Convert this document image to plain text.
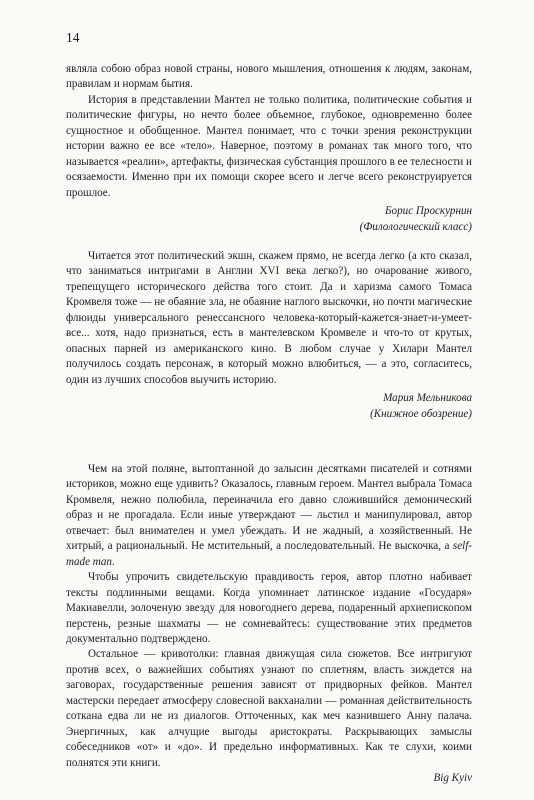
14

являла собою образ новой страны, нового мышления, отношения к людям, законам, правилам и нормам бытия.

История в представлении Мантел не только политика, политические события и политические фигуры, но нечто более объемное, глубокое, одновременно более сущностное и обобщенное. Мантел понимает, что с точки зрения реконструкции истории важно ее все «тело». Наверное, поэтому в романах так много того, что называется «реалии», артефакты, физическая субстанция прошлого в ее телесности и осязаемости. Именно при их помощи скорее всего и легче всего реконструируется прошлое.

Борис Проскурнин

(Филологический класс)

Читается этот политический экшн, скажем прямо, не всегда легко (а кто сказал, что заниматься интригами в Англии XVI века легко?), но очарование живого, трепещущего исторического действа того стоит. Да и харизма самого Томаса Кромвеля тоже — не обаяние зла, не обаяние наглого выскочки, но почти магические флюиды универсального ренессансного человека-который-кажется-знает-и-умеет-все... хотя, надо признаться, есть в мантелевском Кромвеле и что-то от крутых, опасных парней из американского кино. В любом случае у Хилари Мантел получилось создать персонаж, в который можно влюбиться, — а это, согласитесь, один из лучших способов выучить историю.

Мария Мельникова

(Книжное обозрение)

Чем на этой поляне, вытоптанной до залысин десятками писателей и сотнями историков, можно еще удивить? Оказалось, главным героем. Мантел выбрала Томаса Кромвеля, нежно полюбила, переиначила его давно сложившийся демонический образ и не прогадала. Если иные утверждают — льстил и манипулировал, автор отвечает: был внимателен и умел убеждать. И не жадный, а хозяйственный. Не хитрый, а рациональный. Не мстительный, а последовательный. Не выскочка, а self-made man.

Чтобы упрочить свидетельскую правдивость героя, автор плотно набивает тексты подлинными вещами. Когда упоминает латинское издание «Государя» Макиавелли, золоченую звезду для новогоднего дерева, подаренный архиепископом перстень, резные шахматы — не сомневайтесь: существование этих предметов документально подтверждено.

Остальное — кривотолки: главная движущая сила сюжетов. Все интригуют против всех, о важнейших событиях узнают по сплетням, власть зиждется на заговорах, государственные решения зависят от придворных фейков. Мантел мастерски передает атмосферу словесной вакханалии — романная действительность соткана едва ли не из диалогов. Отточенных, как меч казнившего Анну палача. Энергичных, как алчущие выгоды аристократы. Раскрывающих замыслы собеседников «от» и «до». И предельно информативных. Как те слухи, коими полнятся эти книги.

Big Kyiv
